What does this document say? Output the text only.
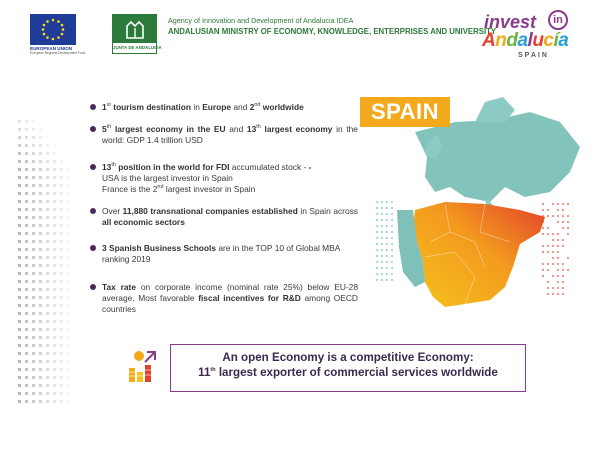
EUROPEAN UNION
European Regional Development Fund
JUNTA DE ANDALUCIA
Agency of Innovation and Development of Andalucia IDEA
ANDALUSIAN MINISTRY OF ECONOMY, KNOWLEDGE, ENTERPRISES AND UNIVERSITY
invest	in
Andalucía
SPAIN
1st tourism destination in Europe and 2nd worldwide
5th largest economy in the EU and 13th largest economy in the world: GDP 1.4 trillion USD
13th position in the world for FDI accumulated stock - -
USA is the largest investor in Spain
France is the 2nd largest investor in Spain
Over 11,880 transnational companies established in Spain across all economic sectors
3 Spanish Business Schools are in the TOP 10 of Global MBA ranking 2019
Tax rate on corporate income (nominal rate 25%) below EU-28 average. Most favorable fiscal incentives for R&D among OECD countries
SPAIN
An open Economy is a competitive Economy:
11th largest exporter of commercial services worldwide
